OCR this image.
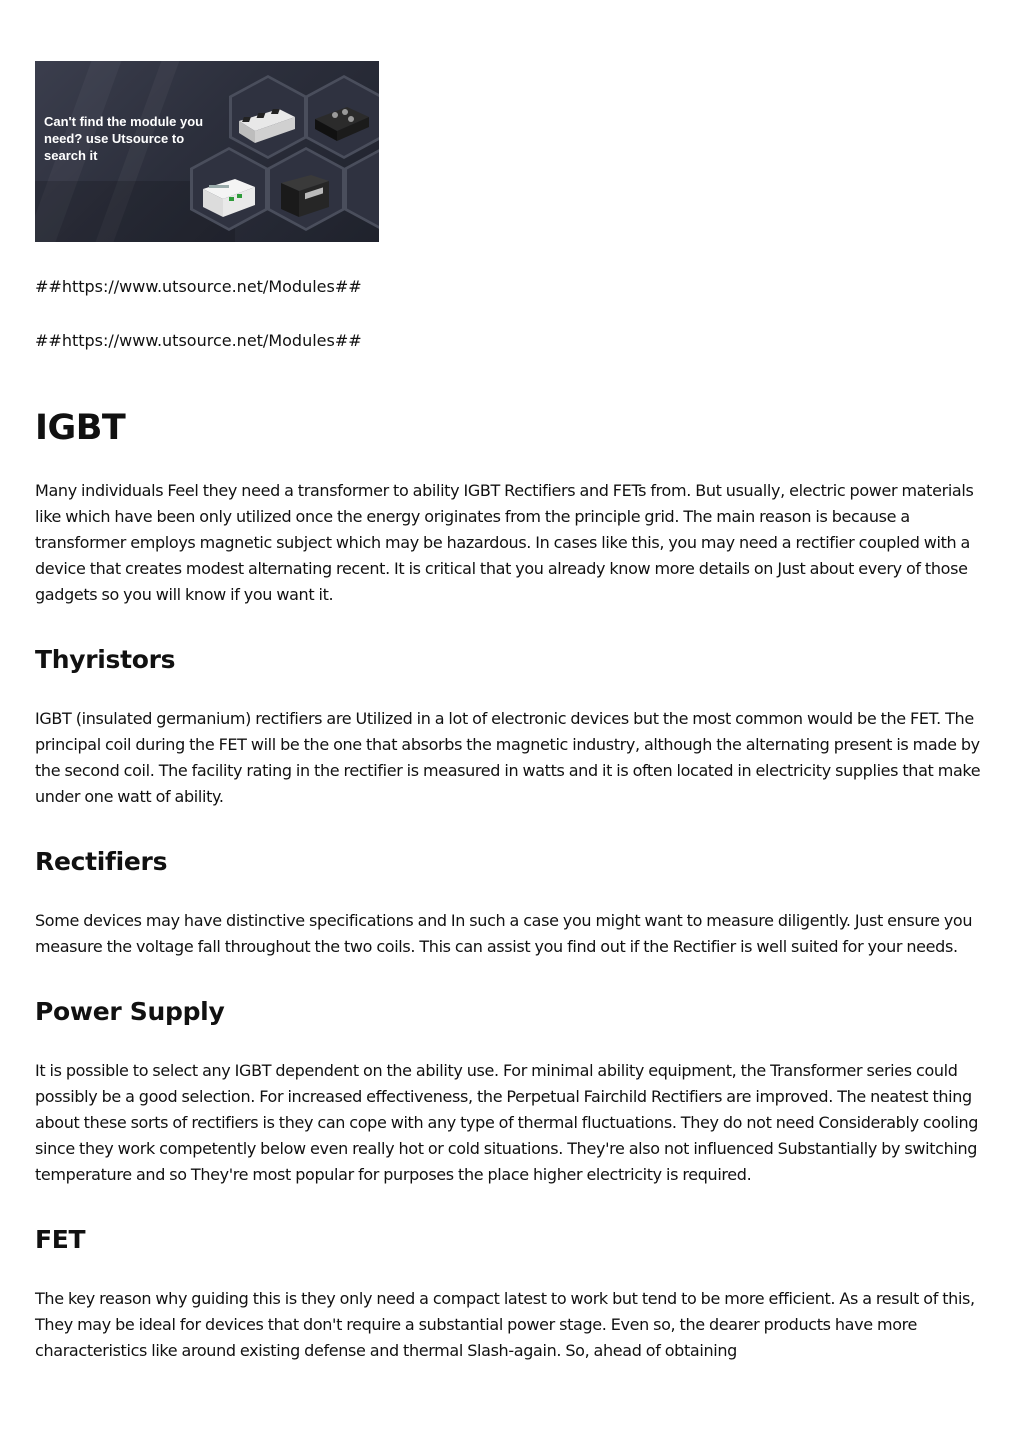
Can't find the module you need? use Utsource to search it

##https://www.utsource.net/Modules##

##https://www.utsource.net/Modules##

IGBT

Many individuals Feel they need a transformer to ability IGBT Rectifiers and FETs from. But usually, electric power materials like which have been only utilized once the energy originates from the principle grid. The main reason is because a transformer employs magnetic subject which may be hazardous. In cases like this, you may need a rectifier coupled with a device that creates modest alternating recent. It is critical that you already know more details on Just about every of those gadgets so you will know if you want it.

Thyristors

IGBT (insulated germanium) rectifiers are Utilized in a lot of electronic devices but the most common would be the FET. The principal coil during the FET will be the one that absorbs the magnetic industry, although the alternating present is made by the second coil. The facility rating in the rectifier is measured in watts and it is often located in electricity supplies that make under one watt of ability.

Rectifiers

Some devices may have distinctive specifications and In such a case you might want to measure diligently. Just ensure you measure the voltage fall throughout the two coils. This can assist you find out if the Rectifier is well suited for your needs.

Power Supply

It is possible to select any IGBT dependent on the ability use. For minimal ability equipment, the Transformer series could possibly be a good selection. For increased effectiveness, the Perpetual Fairchild Rectifiers are improved. The neatest thing about these sorts of rectifiers is they can cope with any type of thermal fluctuations. They do not need Considerably cooling since they work competently below even really hot or cold situations. They're also not influenced Substantially by switching temperature and so They're most popular for purposes the place higher electricity is required.

FET

The key reason why guiding this is they only need a compact latest to work but tend to be more efficient. As a result of this, They may be ideal for devices that don't require a substantial power stage. Even so, the dearer products have more characteristics like around existing defense and thermal Slash-again. So, ahead of obtaining
